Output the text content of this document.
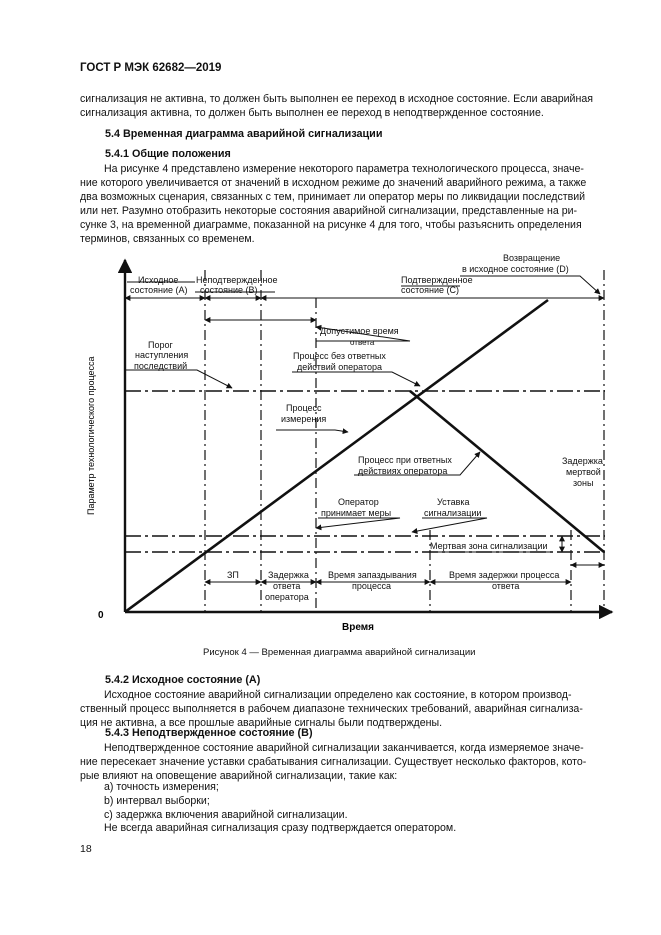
ГОСТ Р МЭК 62682—2019
сигнализация не активна, то должен быть выполнен ее переход в исходное состояние. Если аварийная
сигнализация активна, то должен быть выполнен ее переход в неподтвержденное состояние.
5.4 Временная диаграмма аварийной сигнализации
5.4.1 Общие положения
На рисунке 4 представлено измерение некоторого параметра технологического процесса, значе-
ние которого увеличивается от значений в исходном режиме до значений аварийного режима, а также
два возможных сценария, связанных с тем, принимает ли оператор меры по ликвидации последствий
или нет. Разумно отобразить некоторые состояния аварийной сигнализации, представленные на ри-
сунке 3, на временной диаграмме, показанной на рисунке 4 для того, чтобы разъяснить определения
терминов, связанных со временем.
Параметр технологического процесса
Время
0
Исходное
состояние (A)
Неподтвержденное
состояние (B)
Подтвержденное
состояние (C)
Возвращение
в исходное состояние (D)
Допустимое время
ответа
Процесс без ответных
действий оператора
Порог
наступления
последствий
Процесс
измерения
Процесс при ответных
действиях оператора
Задержка
мертвой
зоны
Оператор
принимает меры
Уставка
сигнализации
Мертвая зона сигнализации
ЗП	Задержка
ответа
оператора
Время запаздывания
процесса
Время задержки процесса
ответа
Рисунок 4 — Временная диаграмма аварийной сигнализации
5.4.2 Исходное состояние (A)
Исходное состояние аварийной сигнализации определено как состояние, в котором производ-
ственный процесс выполняется в рабочем диапазоне технических требований, аварийная сигнализа-
ция не активна, а все прошлые аварийные сигналы были подтверждены.
5.4.3 Неподтвержденное состояние (B)
Неподтвержденное состояние аварийной сигнализации заканчивается, когда измеряемое значе-
ние пересекает значение уставки срабатывания сигнализации. Существует несколько факторов, кото-
рые влияют на оповещение аварийной сигнализации, такие как:
а) точность измерения;
b) интервал выборки;
с) задержка включения аварийной сигнализации.
Не всегда аварийная сигнализация сразу подтверждается оператором.
18
